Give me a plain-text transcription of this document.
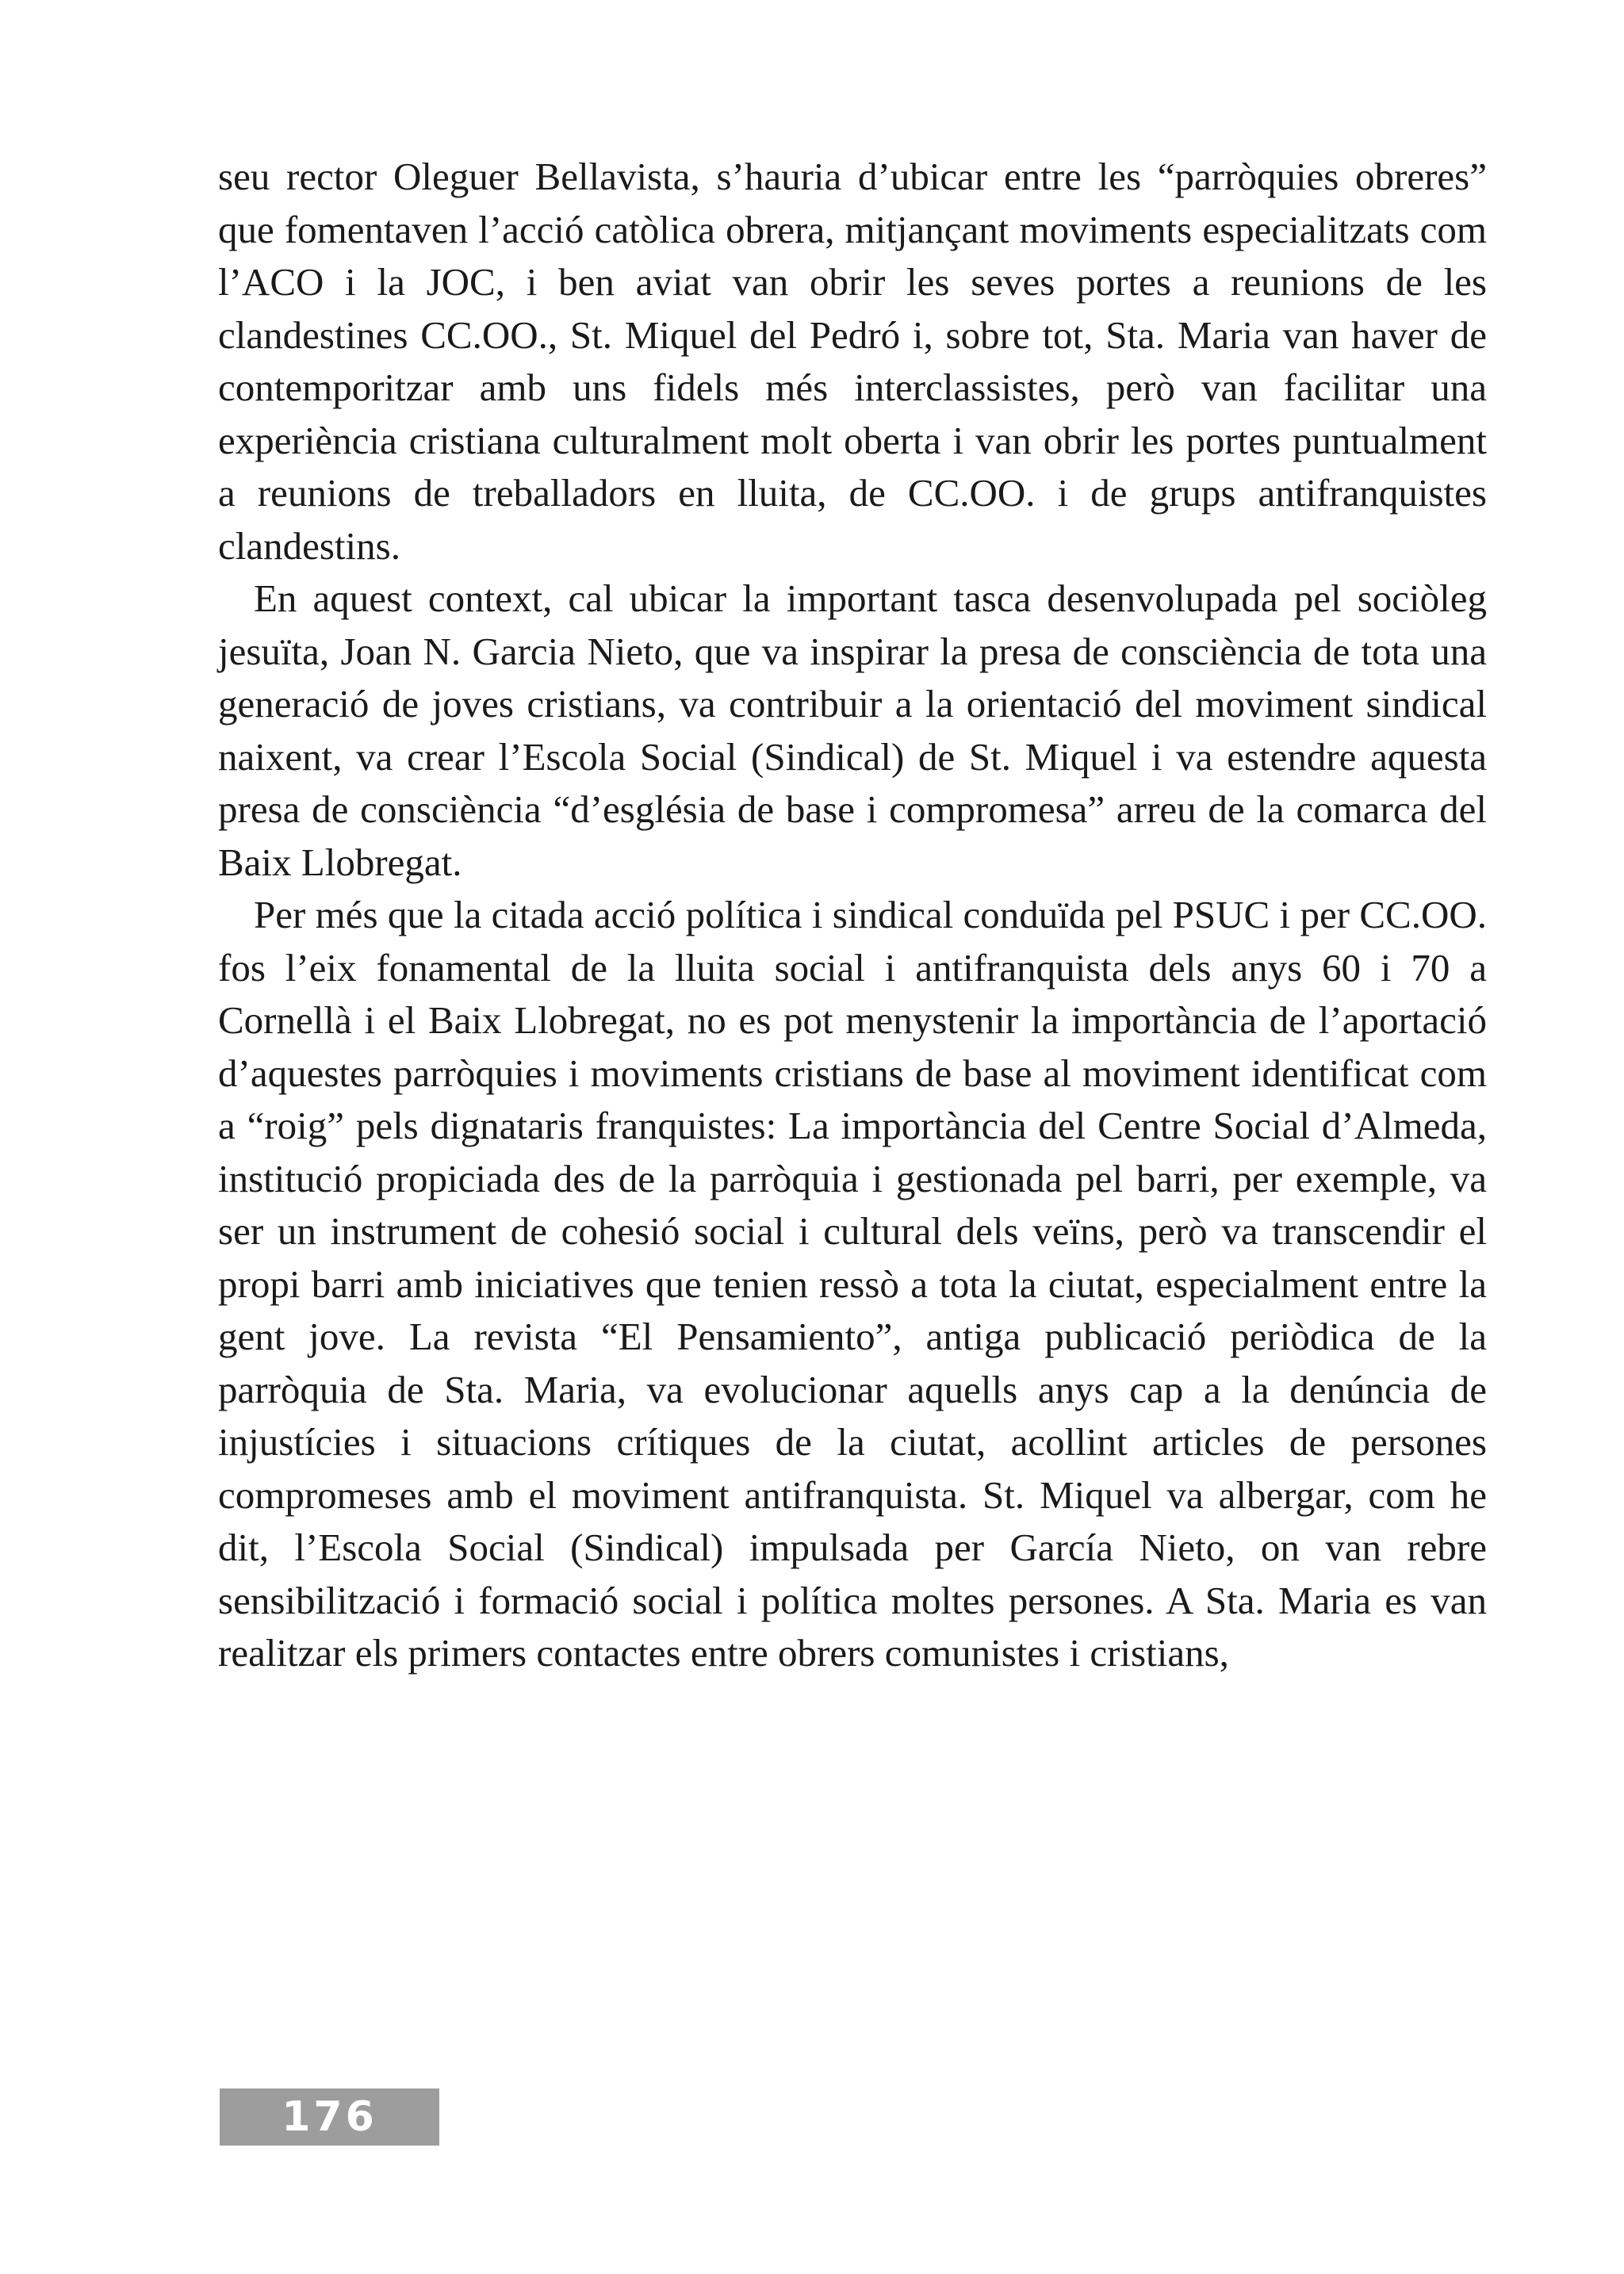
seu rector Oleguer Bellavista, s’hauria d’ubicar entre les “parròquies obreres” que fomentaven l’acció catòlica obrera, mitjançant moviments especialitzats com l’ACO i la JOC, i ben aviat van obrir les seves portes a reunions de les clandestines CC.OO., St. Miquel del Pedró i, sobre tot, Sta. Maria van haver de contemporitzar amb uns fidels més interclassistes, però van facilitar una experiència cristiana culturalment molt oberta i van obrir les portes puntualment a reunions de treballadors en lluita, de CC.OO. i de grups antifranquistes clandestins.

En aquest context, cal ubicar la important tasca desenvolupada pel sociòleg jesuïta, Joan N. Garcia Nieto, que va inspirar la presa de consciència de tota una generació de joves cristians, va contribuir a la orientació del moviment sindical naixent, va crear l’Escola Social (Sindical) de St. Miquel i va estendre aquesta presa de consciència “d’església de base i compromesa” arreu de la comarca del Baix Llobregat.

Per més que la citada acció política i sindical conduïda pel PSUC i per CC.OO. fos l’eix fonamental de la lluita social i antifranquista dels anys 60 i 70 a Cornellà i el Baix Llobregat, no es pot menystenir la importància de l’aportació d’aquestes parròquies i moviments cristians de base al moviment identificat com a “roig” pels dignataris franquistes: La importància del Centre Social d’Almeda, institució propiciada des de la parròquia i gestionada pel barri, per exemple, va ser un instrument de cohesió social i cultural dels veïns, però va transcendir el propi barri amb iniciatives que tenien ressò a tota la ciutat, especialment entre la gent jove. La revista “El Pensamiento”, antiga publicació periòdica de la parròquia de Sta. Maria, va evolucionar aquells anys cap a la denúncia de injustícies i situacions crítiques de la ciutat, acollint articles de persones compromeses amb el moviment antifranquista. St. Miquel va albergar, com he dit, l’Escola Social (Sindical) impulsada per García Nieto, on van rebre sensibilització i formació social i política moltes persones. A Sta. Maria es van realitzar els primers contactes entre obrers comunistes i cristians,

176
